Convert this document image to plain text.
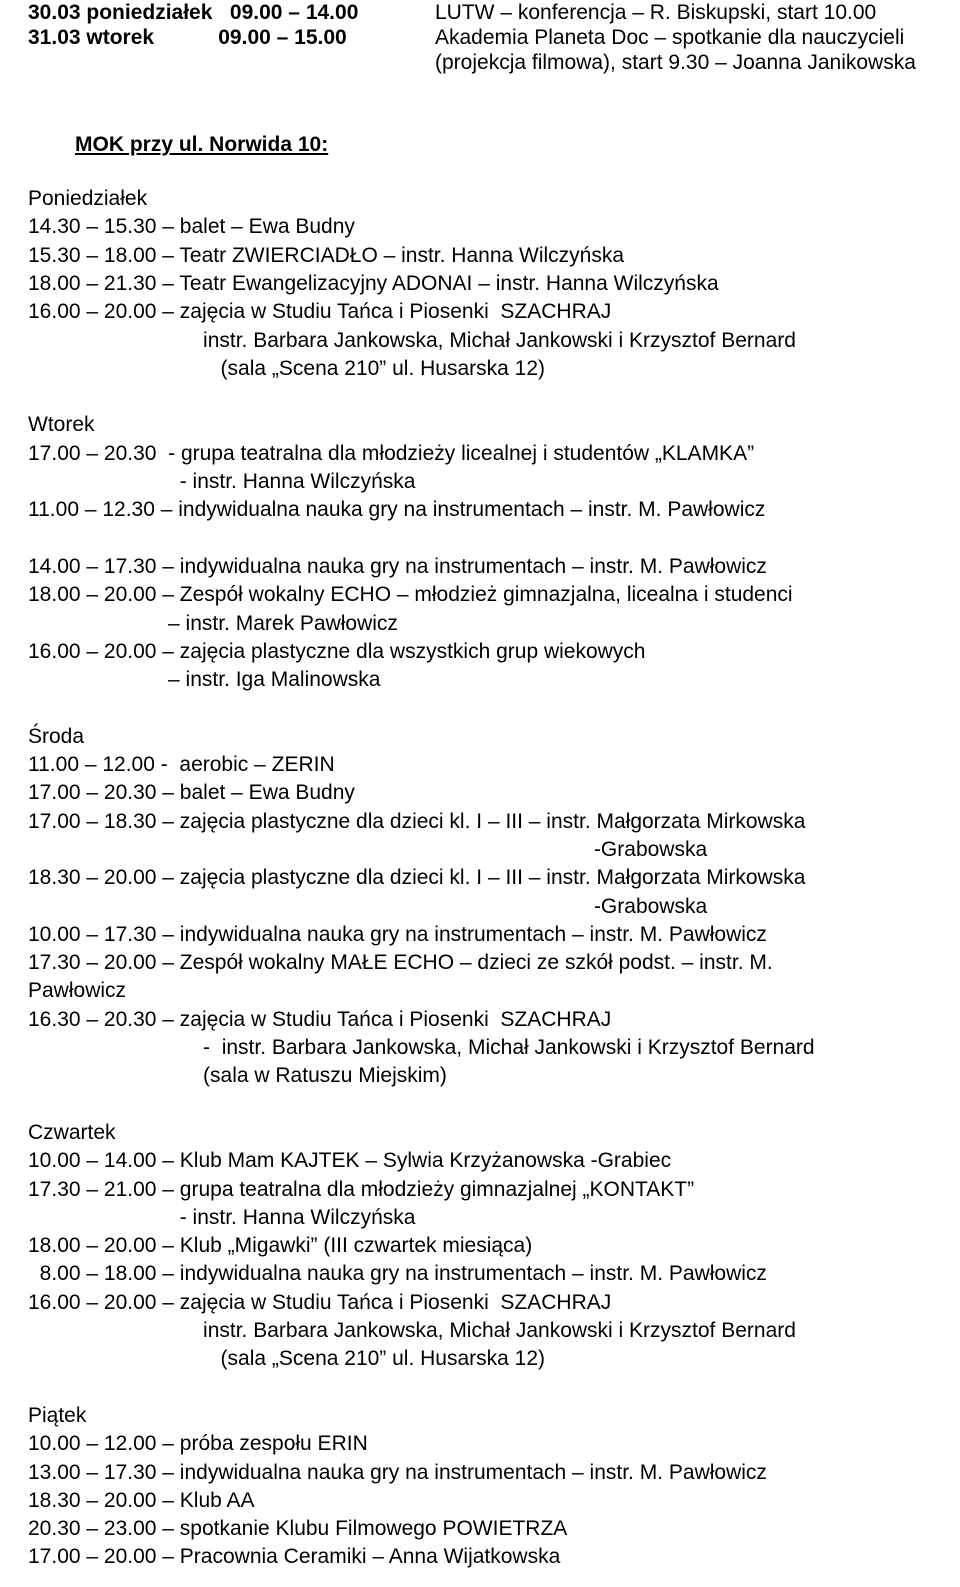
30.03 poniedziałek   09.00 – 14.00	LUTW – konferencja – R. Biskupski, start 10.00
31.03 wtorek           09.00 – 15.00	Akademia Planeta Doc – spotkanie dla nauczycieli
(projekcja filmowa), start 9.30 – Joanna Janikowska
MOK przy ul. Norwida 10:
Poniedziałek
14.30 – 15.30 – balet – Ewa Budny
15.30 – 18.00 – Teatr ZWIERCIADŁO – instr. Hanna Wilczyńska
18.00 – 21.30 – Teatr Ewangelizacyjny ADONAI – instr. Hanna Wilczyńska
16.00 – 20.00 – zajęcia w Studiu Tańca i Piosenki  SZACHRAJ
instr. Barbara Jankowska, Michał Jankowski i Krzysztof Bernard
(sala „Scena 210” ul. Husarska 12)
Wtorek
17.00 – 20.30  - grupa teatralna dla młodzieży licealnej i studentów „KLAMKA”
- instr. Hanna Wilczyńska
11.00 – 12.30 – indywidualna nauka gry na instrumentach – instr. M. Pawłowicz
14.00 – 17.30 – indywidualna nauka gry na instrumentach – instr. M. Pawłowicz
18.00 – 20.00 – Zespół wokalny ECHO – młodzież gimnazjalna, licealna i studenci
– instr. Marek Pawłowicz
16.00 – 20.00 – zajęcia plastyczne dla wszystkich grup wiekowych
– instr. Iga Malinowska
Środa
11.00 – 12.00 -  aerobic – ZERIN
17.00 – 20.30 – balet – Ewa Budny
17.00 – 18.30 – zajęcia plastyczne dla dzieci kl. I – III – instr. Małgorzata Mirkowska
-Grabowska
18.30 – 20.00 – zajęcia plastyczne dla dzieci kl. I – III – instr. Małgorzata Mirkowska
-Grabowska
10.00 – 17.30 – indywidualna nauka gry na instrumentach – instr. M. Pawłowicz
17.30 – 20.00 – Zespół wokalny MAŁE ECHO – dzieci ze szkół podst. – instr. M.
Pawłowicz
16.30 – 20.30 – zajęcia w Studiu Tańca i Piosenki  SZACHRAJ
-  instr. Barbara Jankowska, Michał Jankowski i Krzysztof Bernard
(sala w Ratuszu Miejskim)
Czwartek
10.00 – 14.00 – Klub Mam KAJTEK – Sylwia Krzyżanowska -Grabiec
17.30 – 21.00 – grupa teatralna dla młodzieży gimnazjalnej „KONTAKT”
- instr. Hanna Wilczyńska
18.00 – 20.00 – Klub „Migawki” (III czwartek miesiąca)
8.00 – 18.00 – indywidualna nauka gry na instrumentach – instr. M. Pawłowicz
16.00 – 20.00 – zajęcia w Studiu Tańca i Piosenki  SZACHRAJ
instr. Barbara Jankowska, Michał Jankowski i Krzysztof Bernard
(sala „Scena 210” ul. Husarska 12)
Piątek
10.00 – 12.00 – próba zespołu ERIN
13.00 – 17.30 – indywidualna nauka gry na instrumentach – instr. M. Pawłowicz
18.30 – 20.00 – Klub AA
20.30 – 23.00 – spotkanie Klubu Filmowego POWIETRZA
17.00 – 20.00 – Pracownia Ceramiki – Anna Wijatkowska
